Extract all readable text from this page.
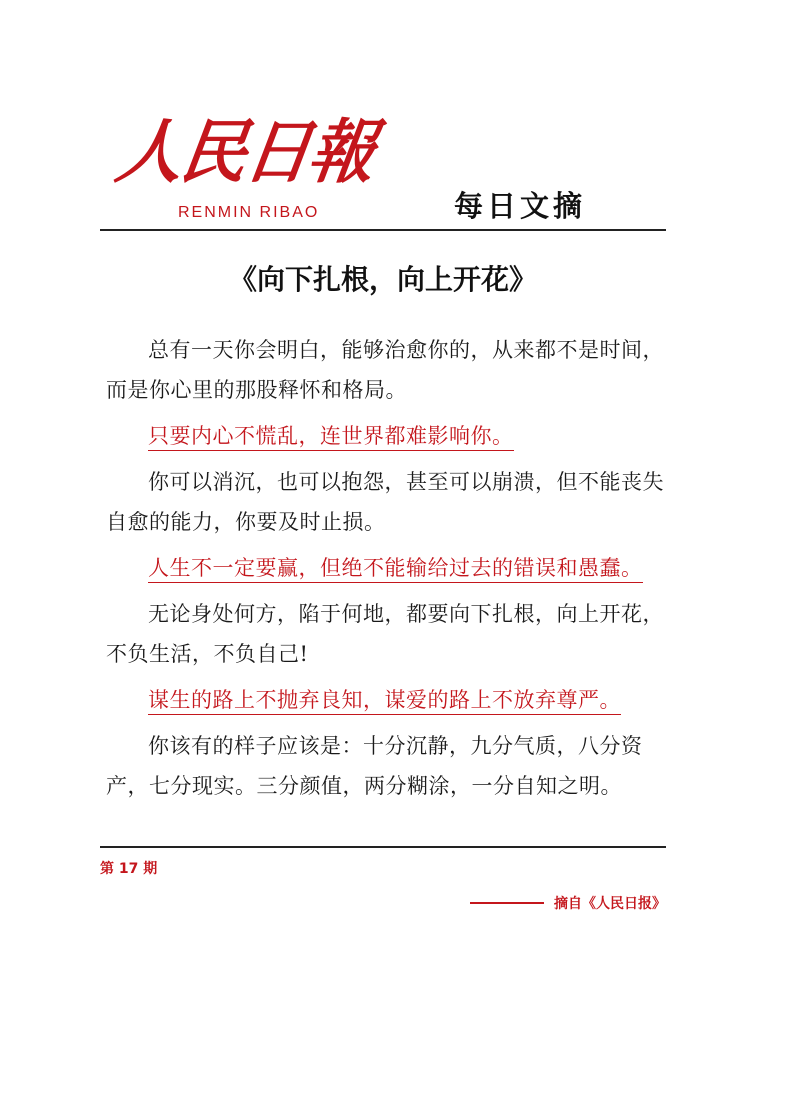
人民日報
RENMIN RIBAO	每日文摘
《向下扎根，向上开花》

总有一天你会明白，能够治愈你的，从来都不是时间，而是你心里的那股释怀和格局。

只要内心不慌乱，连世界都难影响你。

你可以消沉，也可以抱怨，甚至可以崩溃，但不能丧失自愈的能力，你要及时止损。

人生不一定要赢，但绝不能输给过去的错误和愚蠢。

无论身处何方，陷于何地，都要向下扎根，向上开花，不负生活，不负自己!

谋生的路上不抛弃良知，谋爱的路上不放弃尊严。

你该有的样子应该是：十分沉静，九分气质，八分资产，七分现实。三分颜值，两分糊涂，一分自知之明。

第 17 期
摘自《人民日报》
